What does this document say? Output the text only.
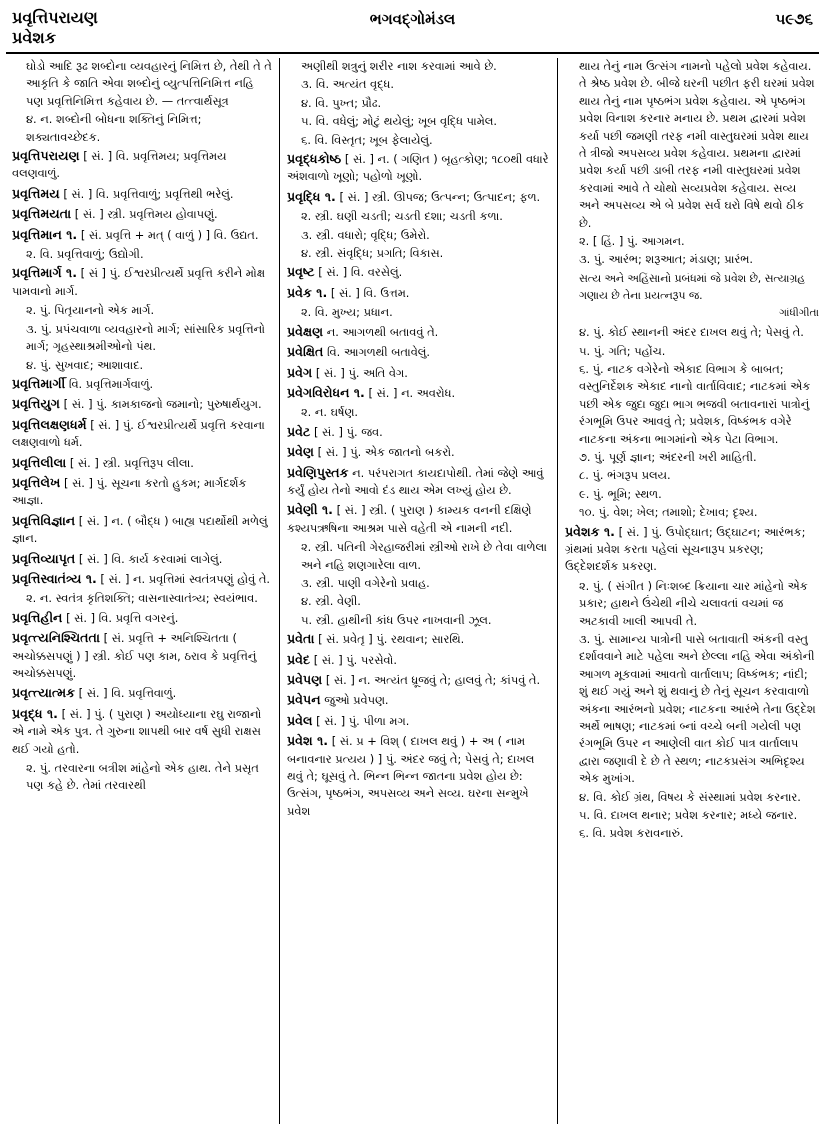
પ્રવૃત્તિપરાયણ
પ્રવેશક
ભગવદ્ગોમંડલ	૫૯૭૬
ઘોડો આદિ રૂઢ શબ્દોના વ્યવહારનું નિમિત્ત છે, તેથી તે તે આકૃતિ કે જાતિ એવા શબ્દોનું વ્યુત્પત્તિનિમિત્ત નહિ પણ પ્રવૃત્તિનિમિત્ત કહેવાય છે. — તત્ત્વાર્થસૂત્ર
૪. ન. શબ્દોની બોધના શક્તિનું નિમિત્ત; શક્યતાવચ્છેદક.
પ્રવૃત્તિપરાયણ [ સં. ] વિ. પ્રવૃત્તિમય; પ્રવૃત્તિમય વલણવાળું.
પ્રવૃત્તિમય [ સં. ] વિ. પ્રવૃત્તિવાળું; પ્રવૃત્તિથી ભરેલું.
પ્રવૃત્તિમયતા [ સં. ] સ્ત્રી. પ્રવૃત્તિમય હોવાપણું.
પ્રવૃત્તિમાન ૧. [ સં. પ્રવૃત્તિ + મત્ ( વાળું ) ] વિ. ઉદ્યત.
૨. વિ. પ્રવૃત્તિવાળું; ઉદ્યોગી.
પ્રવૃત્તિમાર્ગ ૧. [ સં ] પું. ઈશ્વરપ્રીત્યર્થે પ્રવૃત્તિ કરીને મોક્ષ પામવાનો માર્ગ.
૨. પું. પિતૃયાનનો એક માર્ગ.
૩. પું. પ્રપંચવાળા વ્યવહારનો માર્ગ; સાંસારિક પ્રવૃત્તિનો માર્ગ; ગૃહસ્થાશ્રમીઓનો પંથ.
૪. પું. સુખવાદ; આશાવાદ.
પ્રવૃત્તિમાર્ગી વિ. પ્રવૃત્તિમાર્ગવાળું.
પ્રવૃત્તિયુગ [ સં. ] પું. કામકાજનો જમાનો; પુરુષાર્થયુગ.
પ્રવૃત્તિલક્ષણધર્મ [ સં. ] પું. ઈશ્વરપ્રીત્યર્થે પ્રવૃત્તિ કરવાના લક્ષણવાળો ધર્મ.
પ્રવૃત્તિલીલા [ સં. ] સ્ત્રી. પ્રવૃત્તિરૂપ લીલા.
પ્રવૃત્તિલેખ [ સં. ] પું. સૂચના કરતો હુકમ; માર્ગદર્શક આજ્ઞા.
પ્રવૃત્તિવિજ્ઞાન [ સં. ] ન. ( બૌદ્ધ ) બાહ્ય પદાર્થોથી મળેલું જ્ઞાન.
પ્રવૃત્તિવ્યાપૃત [ સં. ] વિ. કાર્ય કરવામાં લાગેલું.
પ્રવૃત્તિસ્વાતંત્ર્ય ૧. [ સં. ] ન. પ્રવૃત્તિમાં સ્વતંત્રપણું હોવું તે.
૨. ન. સ્વતંત્ર કૃતિશક્તિ; વાસનાસ્વાતંત્ર્ય; સ્વયંભાવ.
પ્રવૃત્તિહીન [ સં. ] વિ. પ્રવૃત્તિ વગરનું.
પ્રવૃત્ત્યનિશ્ચિતતા [ સં. પ્રવૃત્તિ + અનિશ્ચિતતા ( અચોક્કસપણું ) ] સ્ત્રી. કોઈ પણ કામ, ઠરાવ કે પ્રવૃત્તિનું અચોક્કસપણું.
પ્રવૃત્ત્યાત્મક [ સં. ] વિ. પ્રવૃત્તિવાળું.
પ્રવૃદ્ધ ૧. [ સં. ] પું. ( પુરાણ ) અયોધ્યાના રઘુ રાજાનો એ નામે એક પુત્ર. તે ગુરુના શાપથી બાર વર્ષ સુધી રાક્ષસ થઈ ગયો હતો.
૨. પું. તરવારના બત્રીશ માંહેનો એક હાથ. તેને પ્રસૃત પણ કહે છે. તેમાં તરવારથી
અણીથી શત્રુનું શરીર નાશ કરવામાં આવે છે.
૩. વિ. અત્યંત વૃદ્ધ.
૪. વિ. પુખ્ત; પ્રૌઢ.
૫. વિ. વધેલું; મોટું થયેલું; ખૂબ વૃદ્ધિ પામેલ.
૬. વિ. વિસ્તૃત; ખૂબ ફેલાયેલું.
પ્રવૃદ્ધકોષ્ઠ [ સં. ] ન. ( ગણિત ) બૃહત્કોણ; ૧૮૦થી વધારે અંશવાળો ખૂણો; પહોળો ખૂણો.
પ્રવૃદ્ધિ ૧. [ સં. ] સ્ત્રી. ઊપજ; ઉત્પન્ન; ઉત્પાદન; ફળ.
૨. સ્ત્રી. ઘણી ચડતી; ચડતી દશા; ચડતી કળા.
૩. સ્ત્રી. વધારો; વૃદ્ધિ; ઉમેરો.
૪. સ્ત્રી. સંવૃદ્ધિ; પ્રગતિ; વિકાસ.
પ્રવૃષ્ટ [ સં. ] વિ. વરસેલું.
પ્રવેક ૧. [ સં. ] વિ. ઉત્તમ.
૨. વિ. મુખ્ય; પ્રધાન.
પ્રવેક્ષણ ન. આગળથી બતાવવું તે.
પ્રવેક્ષિત વિ. આગળથી બતાવેલું.
પ્રવેગ [ સં. ] પું. અતિ વેગ.
પ્રવેગવિરોધન ૧. [ સં. ] ન. અવરોધ.
૨. ન. ઘર્ષણ.
પ્રવેટ [ સં. ] પું. જવ.
પ્રવેણ [ સં. ] પું. એક જાતનો બકરો.
પ્રવેણિપુસ્તક ન. પરંપરાગત કાયદાપોથી. તેમાં જેણે આવું કર્યું હોય તેનો આવો દંડ થાય એમ લખ્યું હોય છે.
પ્રવેણી ૧. [ સં. ] સ્ત્રી. ( પુરાણ ) કામ્યક વનની દક્ષિણે કશ્યપઋષિના આશ્રમ પાસે વહેતી એ નામની નદી.
૨. સ્ત્રી. પતિની ગેરહાજરીમાં સ્ત્રીઓ રાખે છે તેવા વાળેલા અને નહિ શણગારેલા વાળ.
૩. સ્ત્રી. પાણી વગેરેનો પ્રવાહ.
૪. સ્ત્રી. વેણી.
૫. સ્ત્રી. હાથીની કાંધ ઉપર નાખવાની ઝૂલ.
પ્રવેતા [ સં. પ્રવેતૃ ] પું. રથવાન; સારથિ.
પ્રવેદ [ સં. ] પું. પરસેવો.
પ્રવેપણ [ સં. ] ન. અત્યંત ધ્રૂજવું તે; હાલવું તે; કાંપવું તે.
પ્રવેપન જુઓ પ્રવેપણ.
પ્રવેલ [ સં. ] પું. પીળા મગ.
પ્રવેશ ૧. [ સં. પ્ર + વિશ્ ( દાખલ થવું ) + અ ( નામ બનાવનાર પ્રત્યય ) ] પું. અંદર જવું તે; પેસવું તે; દાખલ થવું તે; ઘૂસવું તે. ભિન્ન ભિન્ન જાતના પ્રવેશ હોય છે: ઉત્સંગ, પૃષ્ઠભંગ, અપસવ્ય અને સવ્ય. ઘરના સન્મુખે પ્રવેશ
થાય તેનું નામ ઉત્સંગ નામનો પહેલો પ્રવેશ કહેવાય. તે શ્રેષ્ઠ પ્રવેશ છે. બીજે ઘરની પછીત ફરી ઘરમાં પ્રવેશ થાય તેનું નામ પૃષ્ઠભંગ પ્રવેશ કહેવાય. એ પૃષ્ઠભંગ પ્રવેશ વિનાશ કરનાર મનાય છે. પ્રથમ દ્વારમાં પ્રવેશ કર્યા પછી જમણી તરફ નમી વાસ્તુઘરમાં પ્રવેશ થાય તે ત્રીજો અપસવ્ય પ્રવેશ કહેવાય. પ્રથમના દ્વારમાં પ્રવેશ કર્યા પછી ડાબી તરફ નમી વાસ્તુઘરમાં પ્રવેશ કરવામાં આવે તે ચોથો સવ્યપ્રવેશ કહેવાય. સવ્ય અને અપસવ્ય એ બે પ્રવેશ સર્વ ઘરો વિષે થવો ઠીક છે.
૨. [ હિં. ] પું. આગમન.
૩. પું. આરંભ; શરૂઆત; મંડાણ; પ્રારંભ.
સત્ય અને અહિંસાનો પ્રબંધમાં જે પ્રવેશ છે, સત્યાગ્રહ ગણાય છે તેના પ્રયત્નરૂપ જ.
ગાંધીગીતા
૪. પું. કોઈ સ્થાનની અંદર દાખલ થવું તે; પેસવું તે.
૫. પું. ગતિ; પહોંચ.
૬. પું. નાટક વગેરેનો એકાદ વિભાગ કે બાબત; વસ્તુનિર્દેશક એકાદ નાનો વાર્તાવિવાદ; નાટકમાં એક પછી એક જુદા જુદા ભાગ ભજવી બતાવનારાં પાત્રોનું રંગભૂમિ ઉપર આવવું તે; પ્રવેશક, વિષ્કંભક વગેરે નાટકના અંકના ભાગમાંનો એક પેટા વિભાગ.
૭. પું. પૂર્ણ જ્ઞાન; અંદરની ખરી માહિતી.
૮. પું. ભંગરૂપ પ્રલય.
૯. પું. ભૂમિ; સ્થળ.
૧૦. પું. વેશ; ખેલ; તમાશો; દેખાવ; દૃશ્ય.
પ્રવેશક ૧. [ સં. ] પું. ઉપોદ્ઘાત; ઉદ્ઘાટન; આરંભક; ગ્રંથમાં પ્રવેશ કરતા પહેલાં સૂચનારૂપ પ્રકરણ; ઉદ્દેશદર્શક પ્રકરણ.
૨. પું. ( સંગીત ) નિઃશબ્દ ક્રિયાના ચાર માંહેનો એક પ્રકાર; હાથને ઉંચેથી નીચે ચલાવતાં વચમાં જ અટકાવી ખાલી આપવી તે.
૩. પું. સામાન્ય પાત્રોની પાસે બતાવાતી અંકની વસ્તુ દર્શાવવાને માટે પહેલા અને છેલ્લા નહિ એવા અંકોની આગળ મૂકવામાં આવતો વાર્તાલાપ; વિષ્કંભક; નાંદી; શું થઈ ગયું અને શું થવાનું છે તેનું સૂચન કરવાવાળો અંકના આરંભનો પ્રવેશ; નાટકના આરંભે તેના ઉદ્દેશ અર્થે ભાષણ; નાટકમાં બ્નાં વચ્ચે બની ગયેલી પણ રંગભૂમિ ઉપર ન આણેલી વાત કોઈ પાત્ર વાર્તાલાપ દ્વારા જણાવી દે છે તે સ્થળ; નાટકપ્રસંગ અભિદૃશ્ય એક મુખાંગ.
૪. વિ. કોઈ ગ્રંથ, વિષય કે સંસ્થામાં પ્રવેશ કરનાર.
૫. વિ. દાખલ થનાર; પ્રવેશ કરનાર; મધ્યે જનાર.
૬. વિ. પ્રવેશ કરાવનારું.
